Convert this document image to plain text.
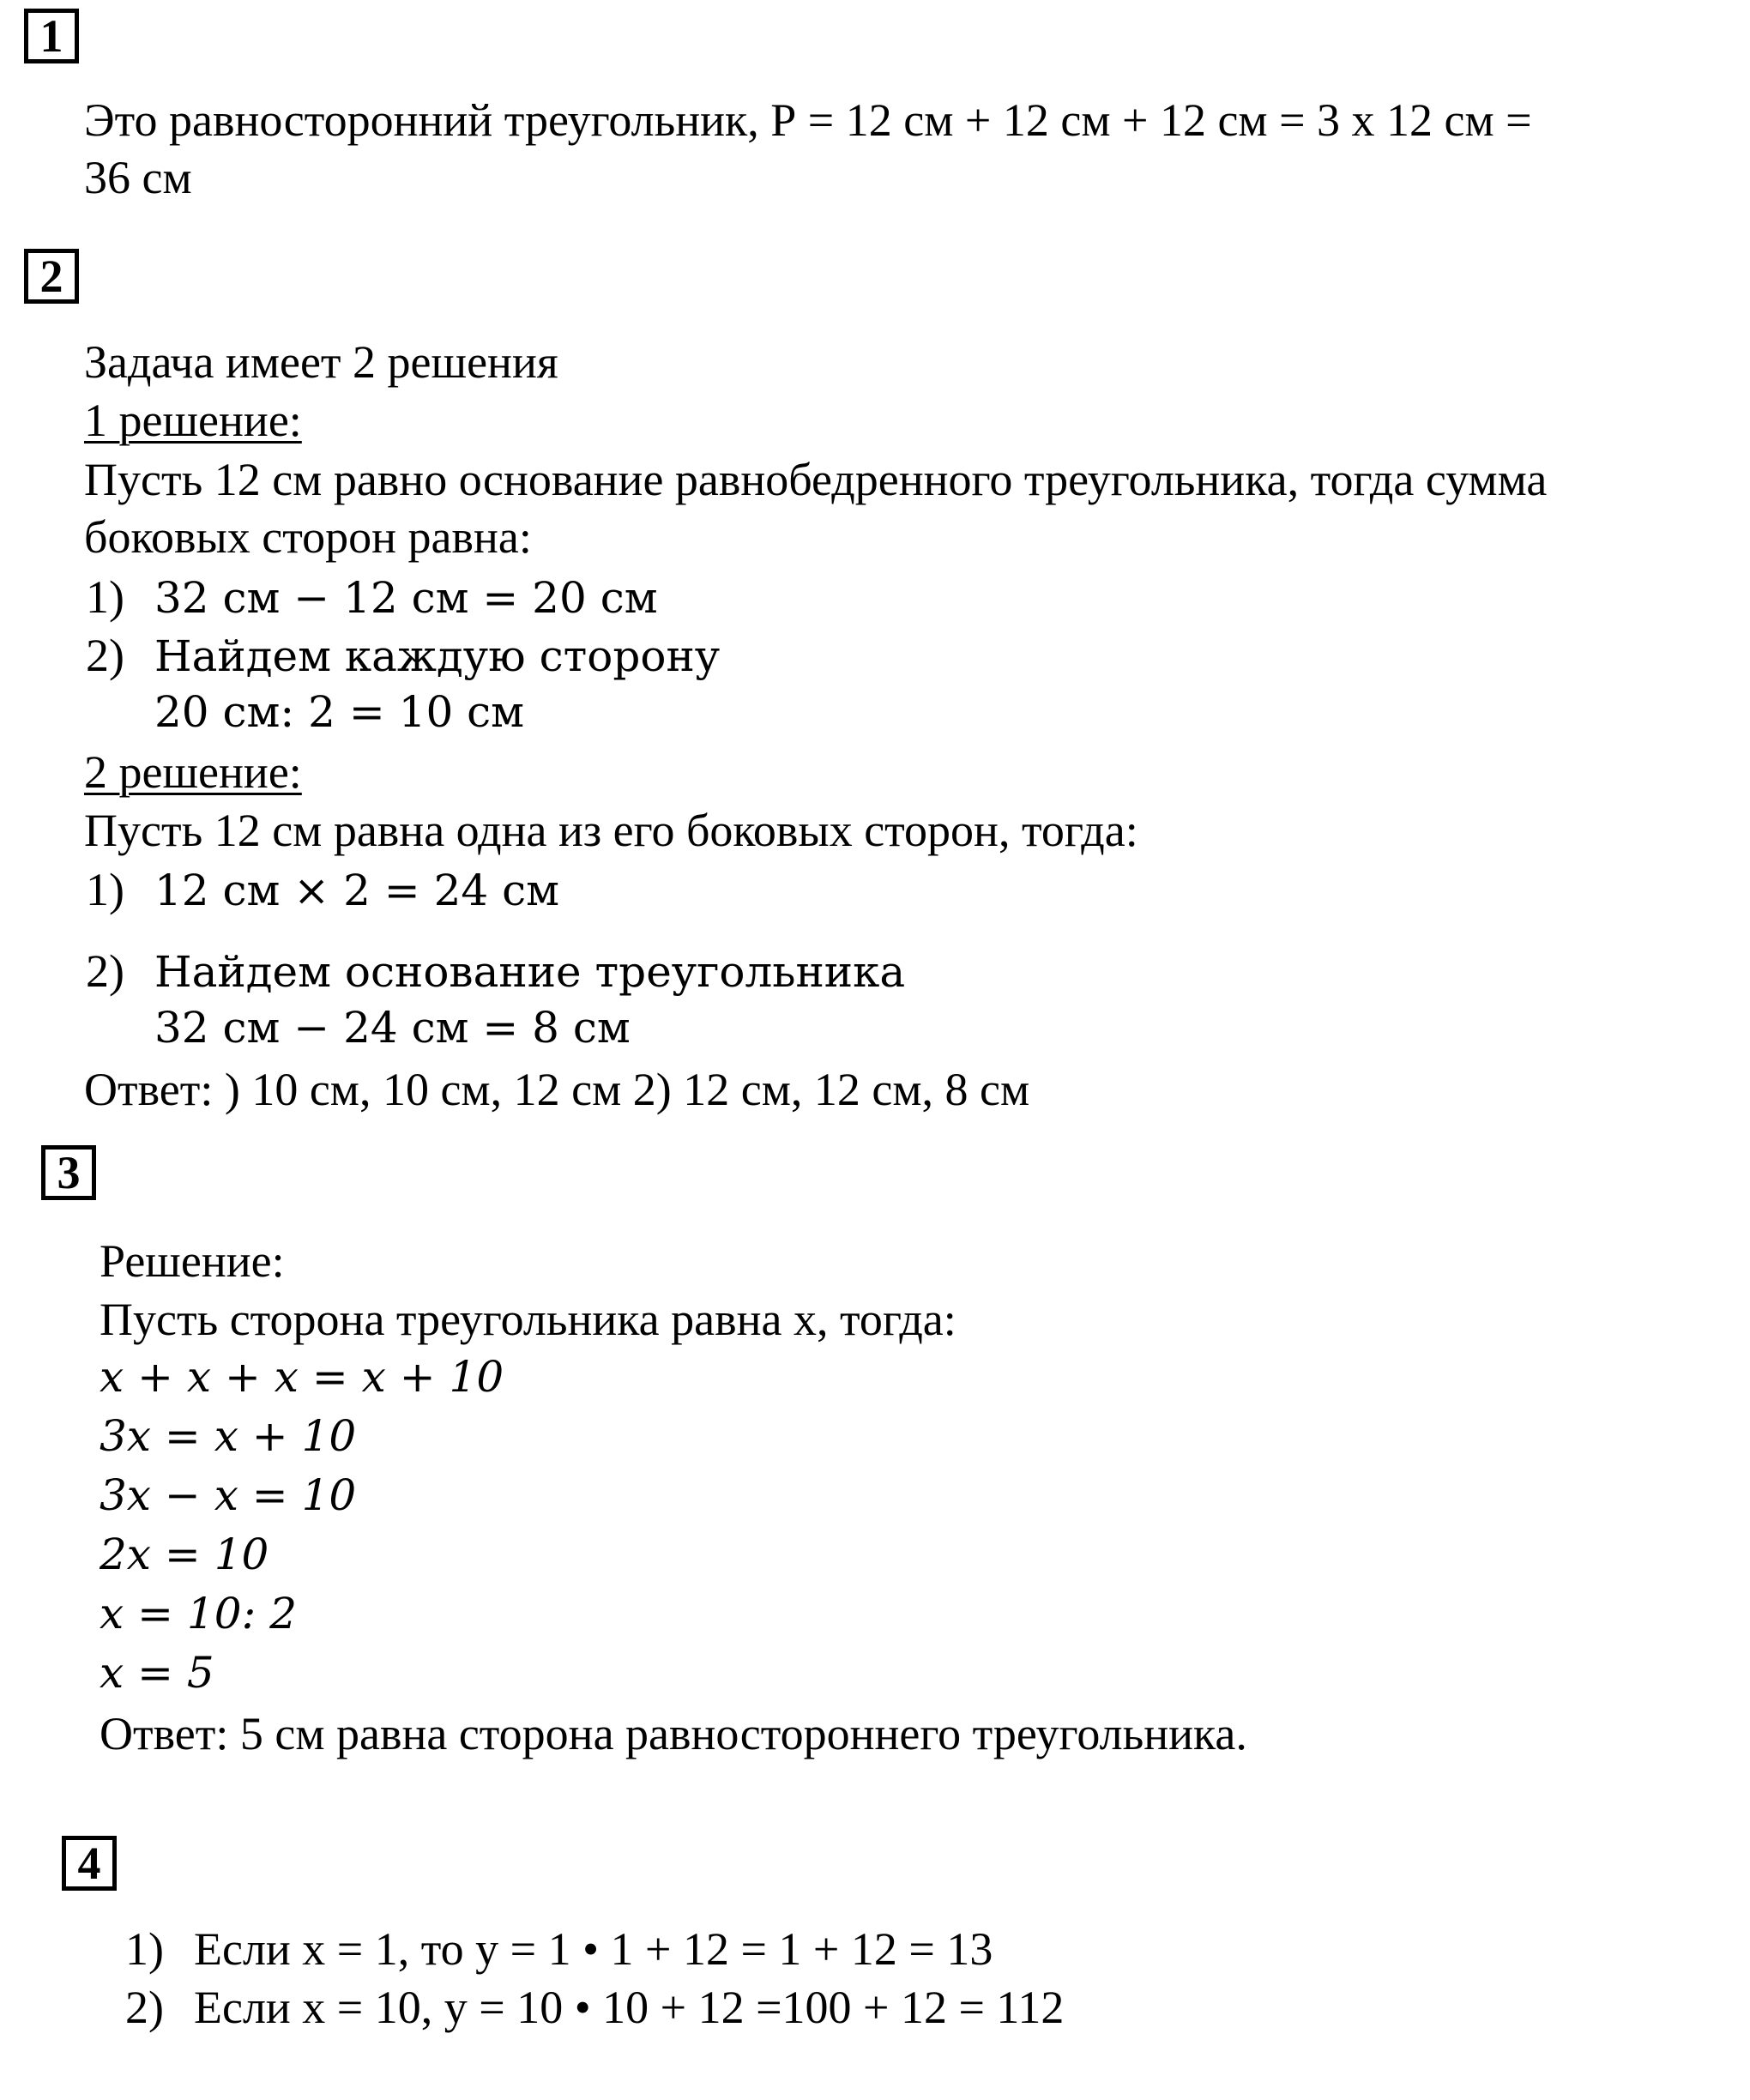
1
Это равносторонний треугольник, Р = 12 см + 12 см + 12 см = 3 х 12 см =
36 см
2
Задача имеет 2 решения
1 решение:
Пусть 12 см равно основание равнобедренного треугольника, тогда сумма
боковых сторон равна:
1) 32 см − 12 см = 20 см
2) Найдем каждую сторону
20 см: 2 = 10 см
2 решение:
Пусть 12 см равна одна из его боковых сторон, тогда:
1) 12 см × 2 = 24 см
2) Найдем основание треугольника
32 см − 24 см = 8 см
Ответ: ) 10 см, 10 см, 12 см 2) 12 см, 12 см, 8 см
3
Решение:
Пусть сторона треугольника равна х, тогда:
x + x + x = x + 10
3x = x + 10
3x − x = 10
2x = 10
x = 10: 2
x = 5
Ответ: 5 см равна сторона равностороннего треугольника.
4
1) Если х = 1, то у = 1 • 1 + 12 = 1 + 12 = 13
2) Если х = 10, у = 10 • 10 + 12 =100 + 12 = 112
